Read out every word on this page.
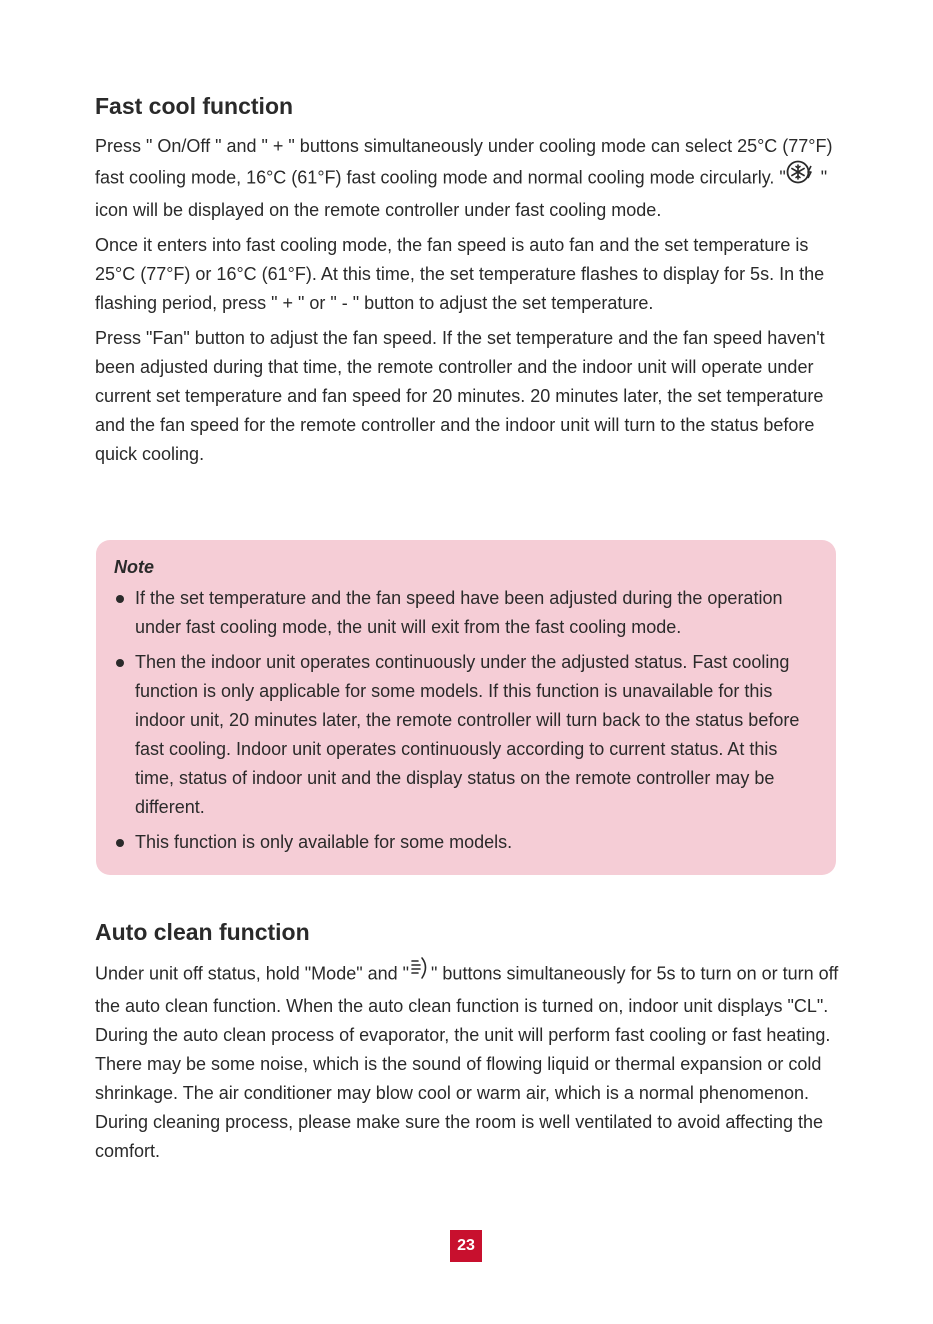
Fast cool function

Press " On/Off " and " + " buttons simultaneously under cooling mode can select 25°C (77°F) fast cooling mode, 16°C (61°F) fast cooling mode and normal cooling mode circularly. " " icon will be displayed on the remote controller under fast cooling mode.

Once it enters into fast cooling mode, the fan speed is auto fan and the set temperature is 25°C (77°F) or 16°C (61°F). At this time, the set temperature flashes to display for 5s. In the flashing period, press " + " or " - " button to adjust the set temperature.

Press "Fan" button to adjust the fan speed. If the set temperature and the fan speed haven't been adjusted during that time, the remote controller and the indoor unit will operate under current set temperature and fan speed for 20 minutes. 20 minutes later, the set temperature and the fan speed for the remote controller and the indoor unit will turn to the status before quick cooling.

Note
If the set temperature and the fan speed have been adjusted during the operation under fast cooling mode, the unit will exit from the fast cooling mode.
Then the indoor unit operates continuously under the adjusted status. Fast cooling function is only applicable for some models. If this function is unavailable for this indoor unit, 20 minutes later, the remote controller will turn back to the status before fast cooling. Indoor unit operates continuously according to current status. At this time, status of indoor unit and the display status on the remote controller may be different.
This function is only available for some models.
Auto clean function

Under unit off status, hold "Mode" and " " buttons simultaneously for 5s to turn on or turn off the auto clean function. When the auto clean function is turned on, indoor unit displays "CL". During the auto clean process of evaporator, the unit will perform fast cooling or fast heating. There may be some noise, which is the sound of flowing liquid or thermal expansion or cold shrinkage. The air conditioner may blow cool or warm air, which is a normal phenomenon. During cleaning process, please make sure the room is well ventilated to avoid affecting the comfort.

23
